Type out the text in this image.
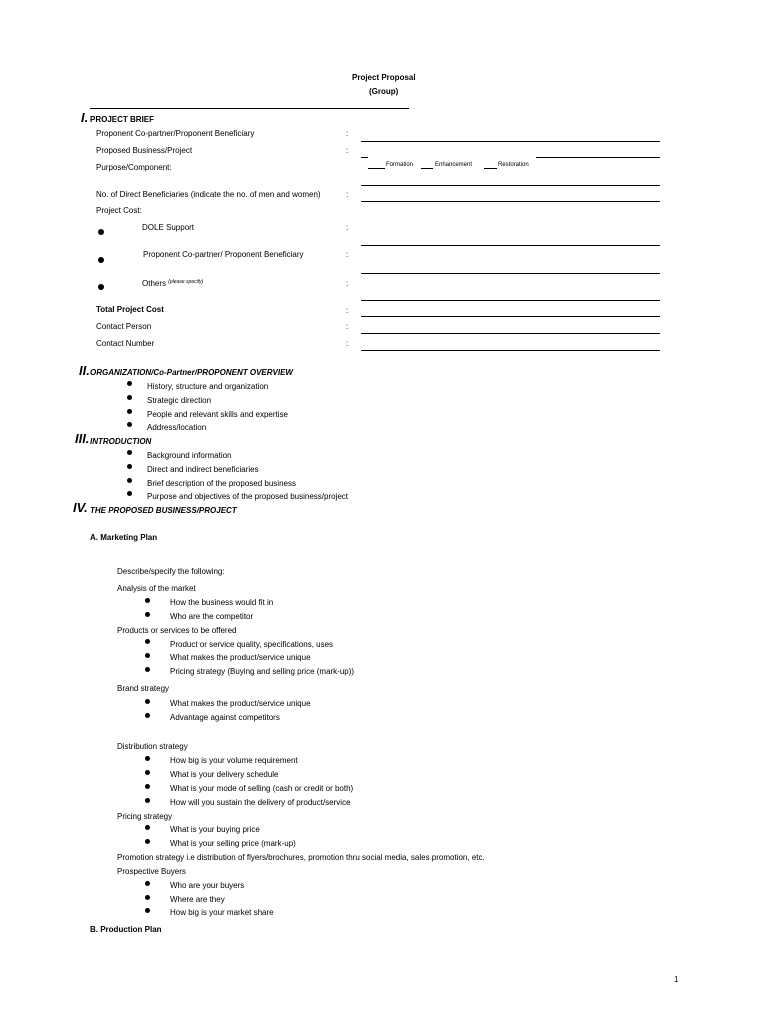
Project Proposal
(Group)
I. PROJECT BRIEF
Proponent Co-partner/Proponent Beneficiary	:
Proposed Business/Project	:
Purpose/Component:	Formation	Enhancement	Restoration
No. of Direct Beneficiaries (indicate the no. of men and women)	:
Project Cost:
DOLE Support	:
Proponent Co-partner/ Proponent Beneficiary	:
Others $^{(please specify)}$	:
Total Project Cost	:
Contact Person	:
Contact Number	:
II. ORGANIZATION/Co-Partner/PROPONENT OVERVIEW
History, structure and organization
Strategic direction
People and relevant skills and expertise
Address/location
III. INTRODUCTION
Background information
Direct and indirect beneficiaries
Brief description of the proposed business
Purpose and objectives of the proposed business/project
IV. THE PROPOSED BUSINESS/PROJECT
A. Marketing Plan
Describe/specify the following:
Analysis of the market
How the business would fit in
Who are the competitor
Products or services to be offered
Product or service quality, specifications, uses
What makes the product/service unique
Pricing strategy (Buying and selling price (mark-up))
Brand strategy
What makes the product/service unique
Advantage against competitors
Distribution strategy
How big is your volume requirement
What is your delivery schedule
What is your mode of selling (cash or credit or both)
How will you sustain the delivery of product/service
Pricing strategy
What is your buying price
What is your selling price (mark-up)
Promotion strategy i.e distribution of flyers/brochures, promotion thru social media, sales promotion, etc.
Prospective Buyers
Who are your buyers
Where are they
How big is your market share
B. Production Plan
1
